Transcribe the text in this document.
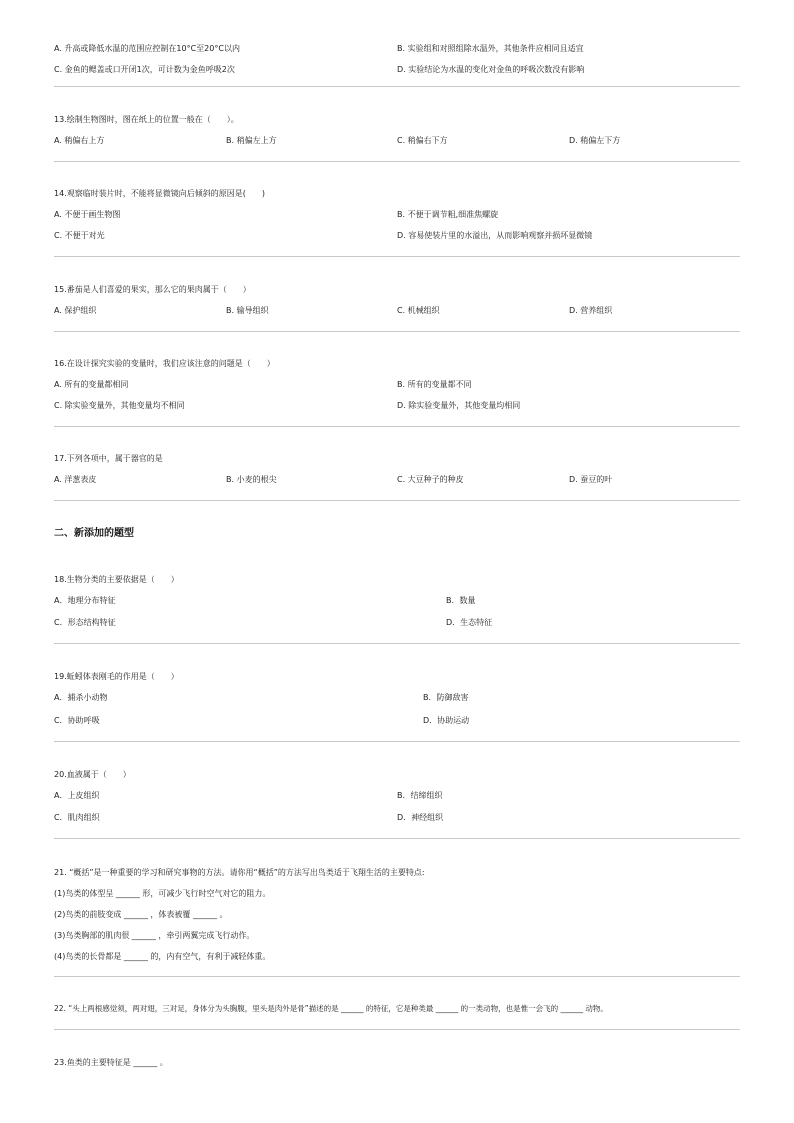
A. 升高或降低水温的范围应控制在10°C至20°C以内	B. 实验组和对照组除水温外，其他条件应相同且适宜
C. 金鱼的鳃盖或口开闭1次，可计数为金鱼呼吸2次	D. 实验结论为水温的变化对金鱼的呼吸次数没有影响
13.绘制生物图时，图在纸上的位置一般在（　　）。
A. 稍偏右上方	B. 稍偏左上方	C. 稍偏右下方	D. 稍偏左下方
14.观察临时装片时，不能将显微镜向后倾斜的原因是(　　)
A. 不便于画生物图	B. 不便于调节粗,细准焦螺旋
C. 不便于对光	D. 容易使装片里的水溢出，从而影响观察并损坏显微镜
15.番茄是人们喜爱的果实，那么它的果肉属于（　　）
A. 保护组织	B. 输导组织	C. 机械组织	D. 营养组织
16.在设计探究实验的变量时，我们应该注意的问题是（　　）
A. 所有的变量都相同	B. 所有的变量都不同
C. 除实验变量外，其他变量均不相同	D. 除实验变量外，其他变量均相同
17.下列各项中，属于器官的是
A. 洋葱表皮	B. 小麦的根尖	C. 大豆种子的种皮	D. 蚕豆的叶
二、新添加的题型
18.生物分类的主要依据是（　　）
A．地理分布特征	B．数量
C．形态结构特征	D．生态特征
19.蚯蚓体表刚毛的作用是（　　）
A．捕杀小动物	B．防御敌害
C．协助呼吸	D．协助运动
20.血液属于（　　）
A．上皮组织	B．结缔组织
C．肌肉组织	D．神经组织
21. “概括”是一种重要的学习和研究事物的方法。请你用“概括”的方法写出鸟类适于飞翔生活的主要特点:
(1)鸟类的体型呈 ______ 形，可减少飞行时空气对它的阻力。
(2)鸟类的前肢变成 ______ ，体表被覆 ______ 。
(3)鸟类胸部的肌肉很 ______ ，牵引两翼完成飞行动作。
(4)鸟类的长骨都是 ______ 的，内有空气，有利于减轻体重。
22. “头上两根感觉须，两对翅，三对足，身体分为头胸腹，里头是肉外是骨”描述的是 ______ 的特征，它是种类最 ______ 的一类动物，也是惟一会飞的 ______ 动物。
23.鱼类的主要特征是 ______ 。
